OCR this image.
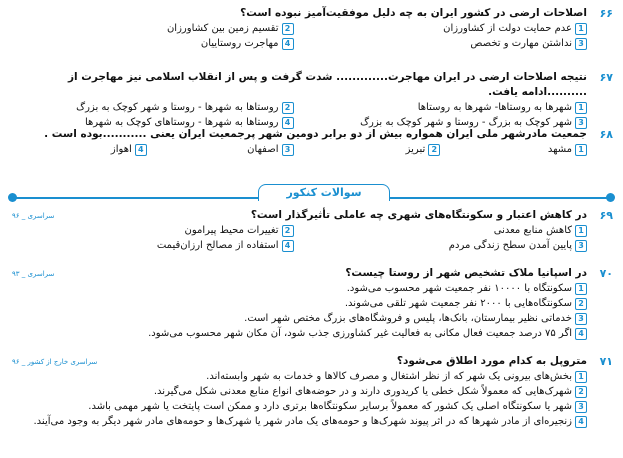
۶۶
اصلاحات ارضی در کشور ایران به چه دلیل موفقیت‌آمیز نبوده است؟
1
عدم حمایت دولت از کشاورزان
2
تقسیم زمین بین کشاورزان
3
نداشتن مهارت و تخصص
4
مهاجرت روستاییان
۶۷
نتیجه اصلاحات ارضی در ایران مهاجرت............. شدت گرفت و پس از انقلاب اسلامی نیز مهاجرت از ..........ادامه یافت.
1
شهرها به روستاها- شهرها به روستاها
2
روستاها به شهرها - روستا و شهر کوچک به بزرگ
3
شهر کوچک به بزرگ - روستا و شهر کوچک به بزرگ
4
روستاها به شهرها - روستاهای کوچک به شهرها
۶۸
جمعیت مادرشهر ملی ایران همواره بیش از دو برابر دومین شهر پرجمعیت ایران یعنی ...........بوده است .
1
مشهد
2
تبریز
3
اصفهان
4
اهواز
سوالات کنکور
۶۹
در کاهش اعتبار و سکونتگاه‌های شهری چه عاملی تأثیرگذار است؟
1
کاهش منابع معدنی
2
تغییرات محیط پیرامون
3
پایین آمدن سطح زندگی مردم
4
استفاده از مصالح ارزان‌قیمت
سراسری _ ۹۶
۷۰
در اسپانیا ملاک تشخیص شهر از روستا چیست؟
1
سکونتگاه با ۱۰۰۰۰ نفر جمعیت شهر محسوب می‌شود.
2
سکونتگاه‌هایی با ۲۰۰۰ نفر جمعیت شهر تلقی می‌شوند.
3
خدماتی نظیر بیمارستان، بانک‌ها، پلیس و فروشگاه‌های بزرگ مختص شهر است.
4
اگر ۷۵ درصد جمعیت فعال مکانی به فعالیت غیر کشاورزی جذب شود، آن مکان شهر محسوب می‌شود.
سراسری _ ۹۳
۷۱
متروپل به کدام مورد اطلاق می‌شود؟
1
بخش‌های بیرونی یک شهر که از نظر اشتغال و مصرف کالاها و خدمات به شهر وابسته‌اند.
2
شهرک‌هایی که معمولاً شکل خطی یا کریدوری دارند و در حوضه‌های انواع منابع معدنی شکل می‌گیرند.
3
شهر یا سکونتگاه اصلی یک کشور که معمولاً برسایر سکونتگاه‌ها برتری دارد و ممکن است پایتخت یا شهر مهمی باشد.
4
زنجیره‌ای از مادر شهرها که در اثر پیوند شهرک‌ها و حومه‌های یک مادر شهر یا شهرک‌ها و حومه‌های مادر شهر دیگر به وجود می‌آیند.
سراسری خارج از کشور _ ۹۶
